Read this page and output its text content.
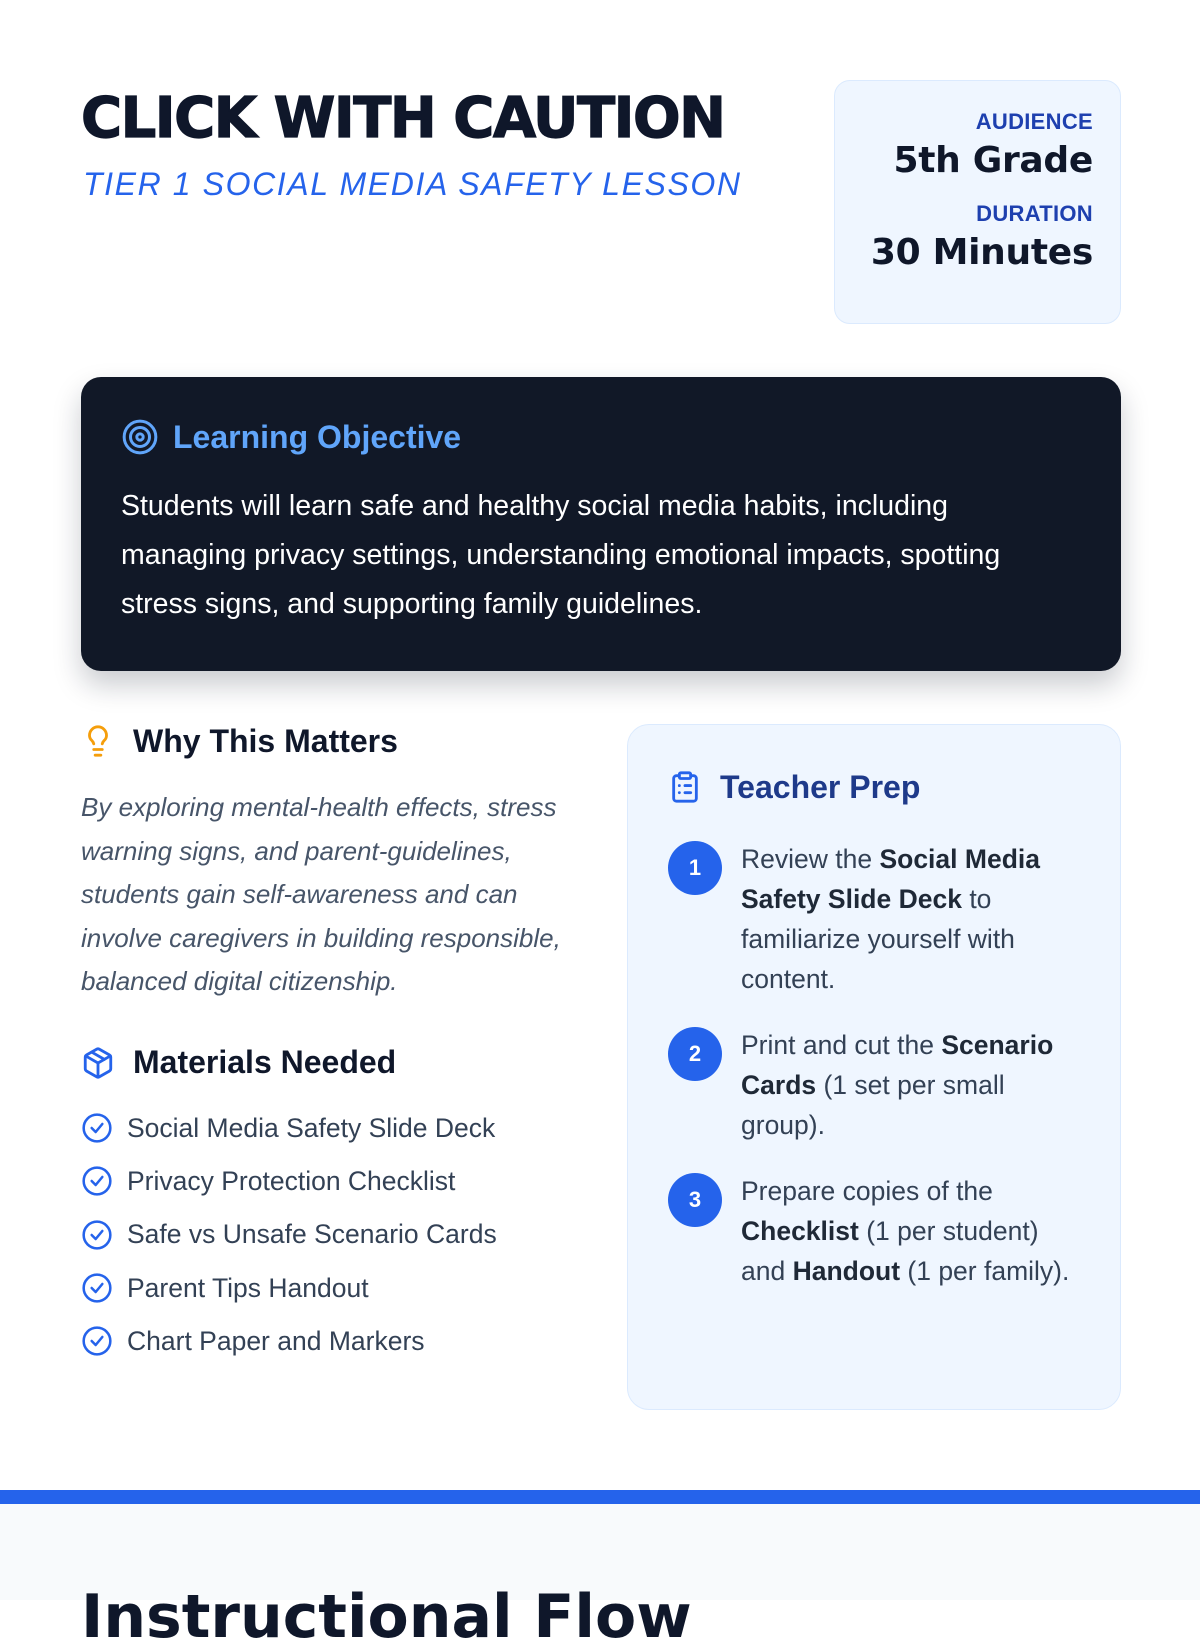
CLICK WITH CAUTION
TIER 1 SOCIAL MEDIA SAFETY LESSON
AUDIENCE
5th Grade
DURATION
30 Minutes
Learning Objective

Students will learn safe and healthy social media habits, including managing privacy settings, understanding emotional impacts, spotting stress signs, and supporting family guidelines.

Why This Matters

By exploring mental-health effects, stress warning signs, and parent-guidelines, students gain self-awareness and can involve caregivers in building responsible, balanced digital citizenship.

Materials Needed
Social Media Safety Slide Deck
Privacy Protection Checklist
Safe vs Unsafe Scenario Cards
Parent Tips Handout
Chart Paper and Markers
Teacher Prep
1	Review the Social Media Safety Slide Deck to familiarize yourself with content.
2	Print and cut the Scenario Cards (1 set per small group).
3	Prepare copies of the Checklist (1 per student) and Handout (1 per family).
Instructional Flow
